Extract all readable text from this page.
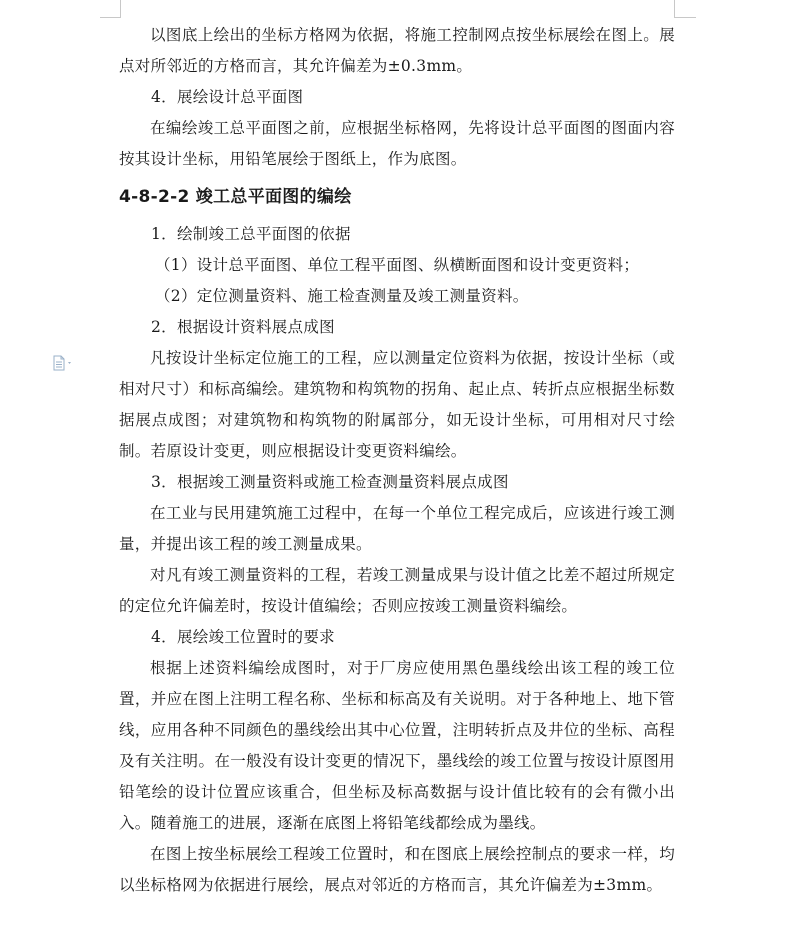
以图底上绘出的坐标方格网为依据，将施工控制网点按坐标展绘在图上。展点对所邻近的方格而言，其允许偏差为±0.3mm。

4．展绘设计总平面图

在编绘竣工总平面图之前，应根据坐标格网，先将设计总平面图的图面内容按其设计坐标，用铅笔展绘于图纸上，作为底图。

4-8-2-2 竣工总平面图的编绘

1．绘制竣工总平面图的依据

（1）设计总平面图、单位工程平面图、纵横断面图和设计变更资料；

（2）定位测量资料、施工检查测量及竣工测量资料。

2．根据设计资料展点成图

凡按设计坐标定位施工的工程，应以测量定位资料为依据，按设计坐标（或相对尺寸）和标高编绘。建筑物和构筑物的拐角、起止点、转折点应根据坐标数据展点成图；对建筑物和构筑物的附属部分，如无设计坐标，可用相对尺寸绘制。若原设计变更，则应根据设计变更资料编绘。

3．根据竣工测量资料或施工检查测量资料展点成图

在工业与民用建筑施工过程中，在每一个单位工程完成后，应该进行竣工测量，并提出该工程的竣工测量成果。

对凡有竣工测量资料的工程，若竣工测量成果与设计值之比差不超过所规定的定位允许偏差时，按设计值编绘；否则应按竣工测量资料编绘。

4．展绘竣工位置时的要求

根据上述资料编绘成图时，对于厂房应使用黑色墨线绘出该工程的竣工位置，并应在图上注明工程名称、坐标和标高及有关说明。对于各种地上、地下管线，应用各种不同颜色的墨线绘出其中心位置，注明转折点及井位的坐标、高程及有关注明。在一般没有设计变更的情况下，墨线绘的竣工位置与按设计原图用铅笔绘的设计位置应该重合，但坐标及标高数据与设计值比较有的会有微小出入。随着施工的进展，逐渐在底图上将铅笔线都绘成为墨线。

在图上按坐标展绘工程竣工位置时，和在图底上展绘控制点的要求一样，均以坐标格网为依据进行展绘，展点对邻近的方格而言，其允许偏差为±3mm。
